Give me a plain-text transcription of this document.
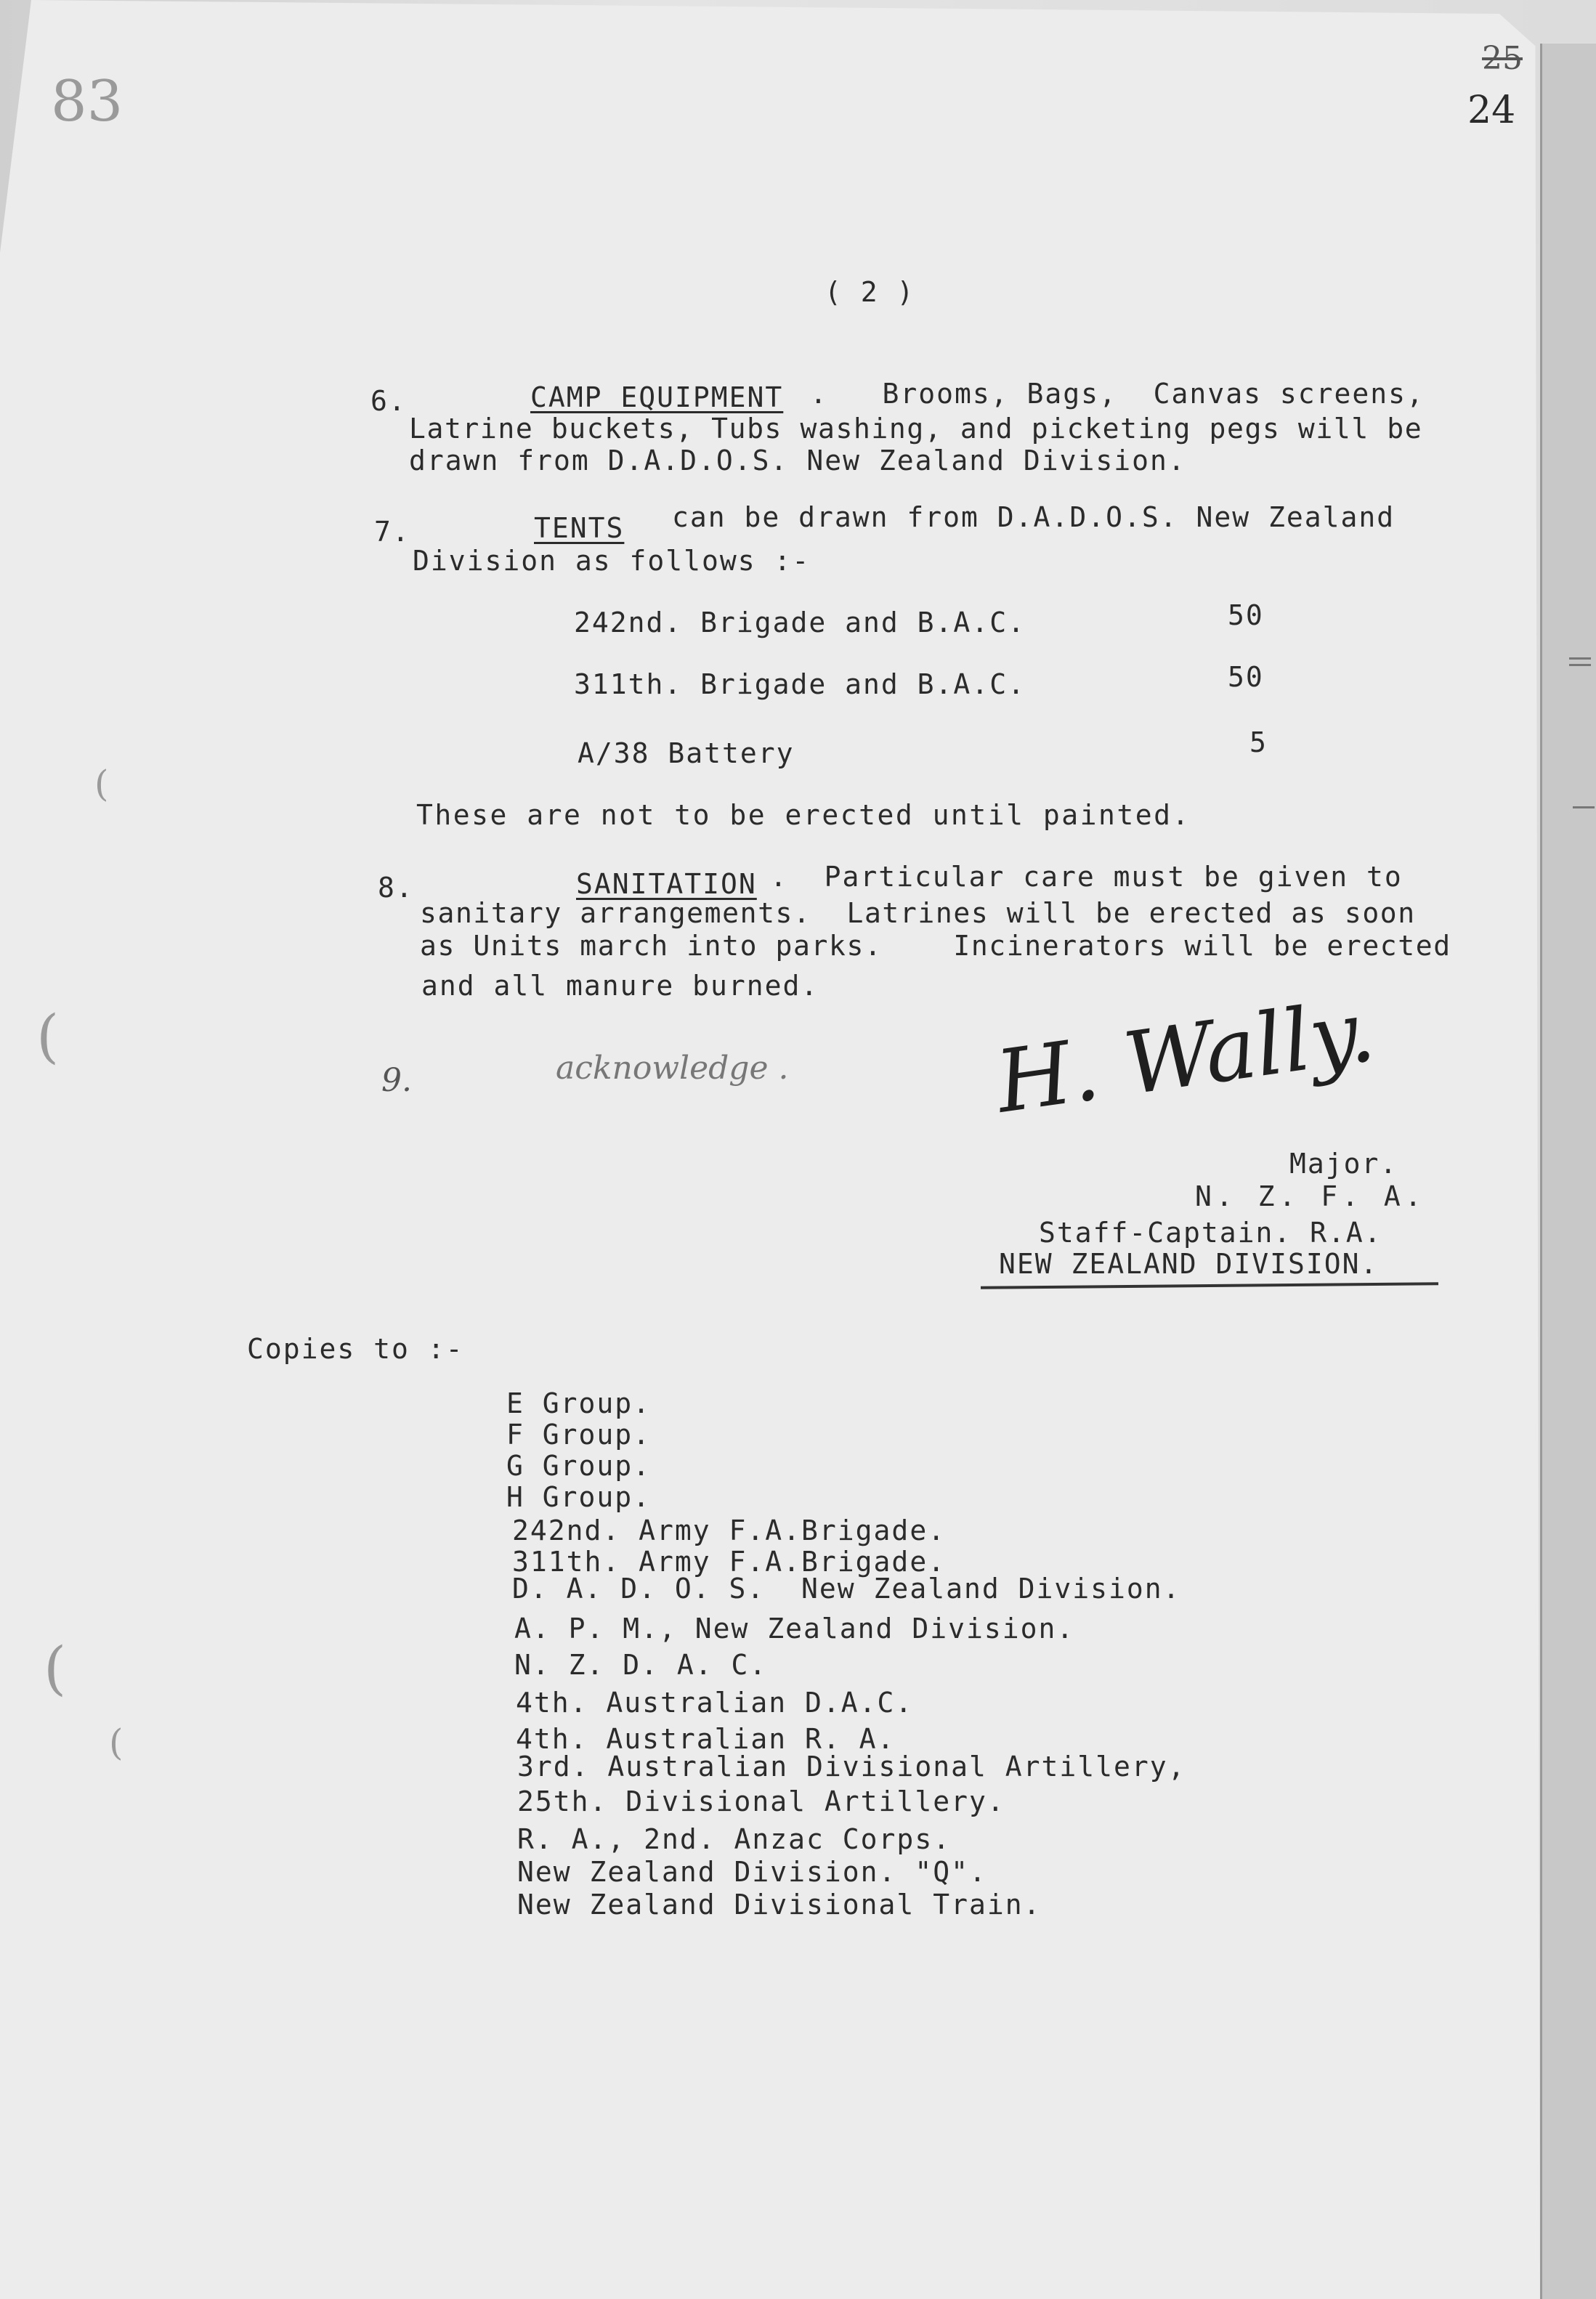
83
25
24
( 2 )
6.	CAMP EQUIPMENT .   Brooms, Bags,  Canvas screens,
Latrine buckets, Tubs washing, and picketing pegs will be
drawn from D.A.D.O.S. New Zealand Division.
7.	TENTS can be drawn from D.A.D.O.S. New Zealand
Division as follows :-
242nd. Brigade and B.A.C.	50
311th. Brigade and B.A.C.	50
A/38 Battery	5
These are not to be erected until painted.
8.	SANITATION .  Particular care must be given to
sanitary arrangements.  Latrines will be erected as soon
as Units march into parks.    Incinerators will be erected
and all manure burned.
9.	acknowledge . H. Wally.
Major.
N. Z. F. A.
Staff-Captain. R.A.
NEW ZEALAND DIVISION.
Copies to :-
E Group.
F Group.
G Group.
H Group.
242nd. Army F.A.Brigade.
311th. Army F.A.Brigade.
D. A. D. O. S.  New Zealand Division.
A. P. M., New Zealand Division.
N. Z. D. A. C.
4th. Australian D.A.C.
4th. Australian R. A.
3rd. Australian Divisional Artillery,
25th. Divisional Artillery.
R. A., 2nd. Anzac Corps.
New Zealand Division. "Q".
New Zealand Divisional Train.
(
(
(
(
